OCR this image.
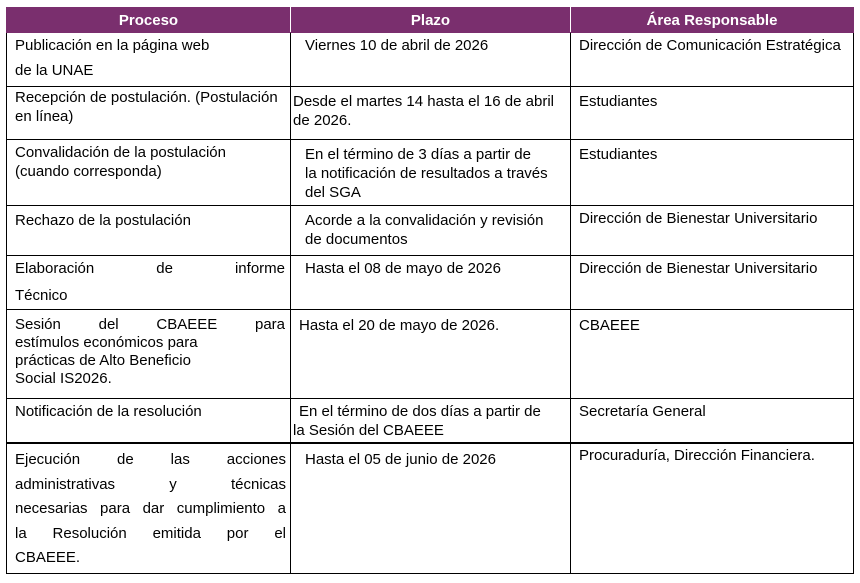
Proceso	Plazo	Área Responsable

Publicación en la página web
de la UNAE	Viernes 10 de abril de 2026	Dirección de Comunicación Estratégica

Recepción de postulación. (Postulación
en línea)	Desde el martes 14 hasta el 16 de abril
de 2026.	Estudiantes

Convalidación de la postulación
(cuando corresponda)	En el término de 3 días a partir de
la notificación de resultados a través
del SGA	Estudiantes

Rechazo de la postulación	Acorde a la convalidación y revisión
de documentos	Dirección de Bienestar Universitario

Elaboración de informe
Técnico	Hasta el 08 de mayo de 2026	Dirección de Bienestar Universitario

Sesión del CBAEEE para
estímulos económicos para
prácticas de Alto Beneficio
Social IS2026.	Hasta el 20 de mayo de 2026.	CBAEEE

Notificación de la resolución	En el término de dos días a partir de
la Sesión del CBAEEE	Secretaría General

Ejecución de las acciones
administrativas y técnicas
necesarias para dar cumplimiento a
la Resolución emitida por el
CBAEEE.	Hasta el 05 de junio de 2026	Procuraduría, Dirección Financiera.
